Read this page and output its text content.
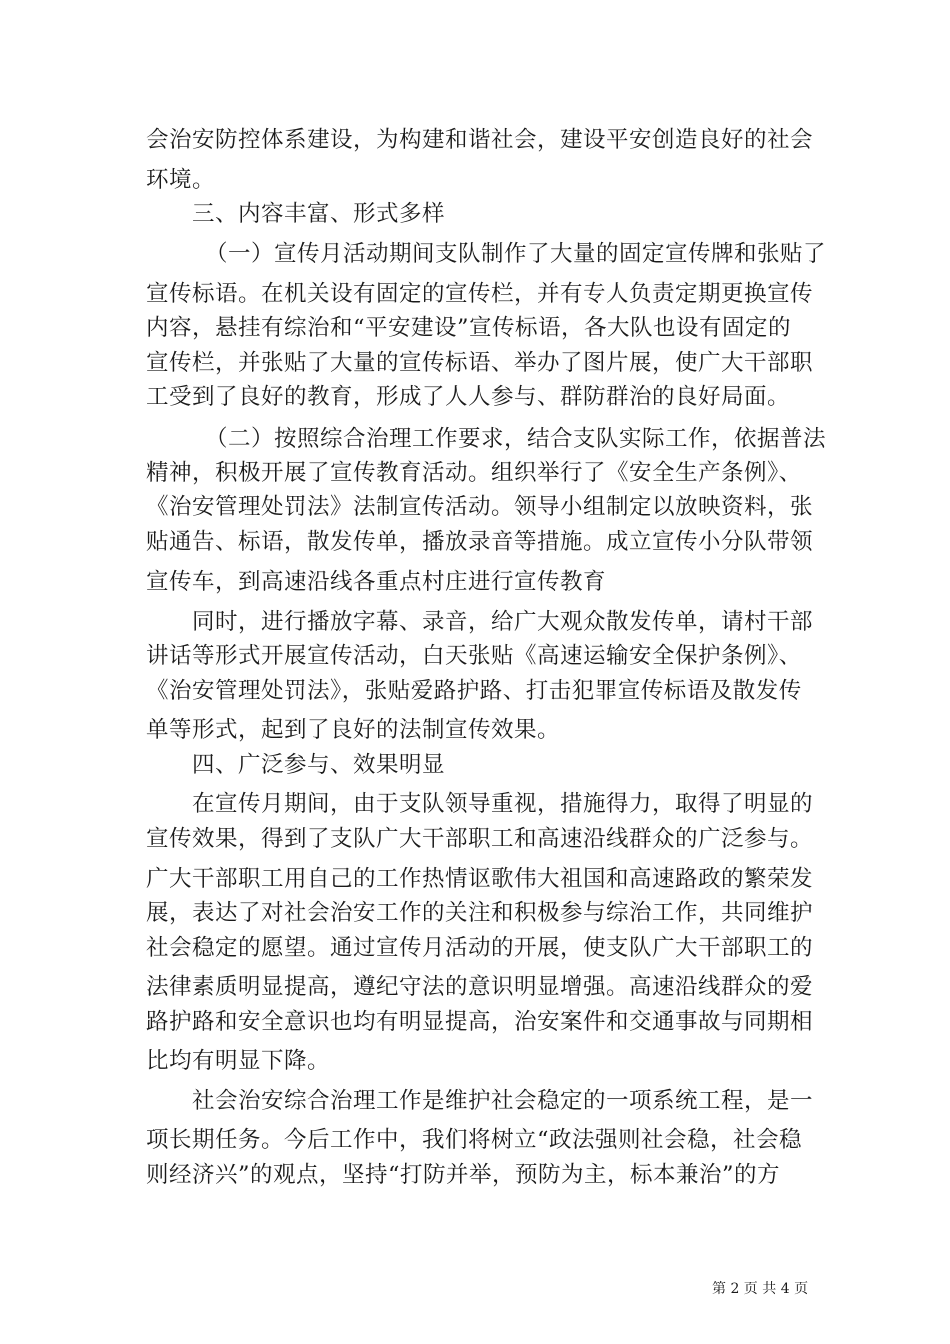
会治安防控体系建设，为构建和谐社会，建设平安创造良好的社会
环境。
三、内容丰富、形式多样
（一）宣传月活动期间支队制作了大量的固定宣传牌和张贴了
宣传标语。在机关设有固定的宣传栏，并有专人负责定期更换宣传
内容，悬挂有综治和“平安建设”宣传标语，各大队也设有固定的
宣传栏，并张贴了大量的宣传标语、举办了图片展，使广大干部职
工受到了良好的教育，形成了人人参与、群防群治的良好局面。
（二）按照综合治理工作要求，结合支队实际工作，依据普法
精神，积极开展了宣传教育活动。组织举行了《安全生产条例》、
《治安管理处罚法》法制宣传活动。领导小组制定以放映资料，张
贴通告、标语，散发传单，播放录音等措施。成立宣传小分队带领
宣传车，到高速沿线各重点村庄进行宣传教育
同时，进行播放字幕、录音，给广大观众散发传单，请村干部
讲话等形式开展宣传活动，白天张贴《高速运输安全保护条例》、
《治安管理处罚法》，张贴爱路护路、打击犯罪宣传标语及散发传
单等形式，起到了良好的法制宣传效果。
四、广泛参与、效果明显
在宣传月期间，由于支队领导重视，措施得力，取得了明显的
宣传效果，得到了支队广大干部职工和高速沿线群众的广泛参与。
广大干部职工用自己的工作热情讴歌伟大祖国和高速路政的繁荣发
展，表达了对社会治安工作的关注和积极参与综治工作，共同维护
社会稳定的愿望。通过宣传月活动的开展，使支队广大干部职工的
法律素质明显提高，遵纪守法的意识明显增强。高速沿线群众的爱
路护路和安全意识也均有明显提高，治安案件和交通事故与同期相
比均有明显下降。
社会治安综合治理工作是维护社会稳定的一项系统工程，是一
项长期任务。今后工作中，我们将树立“政法强则社会稳，社会稳
则经济兴”的观点，坚持“打防并举，预防为主，标本兼治”的方
第 2 页 共 4 页
